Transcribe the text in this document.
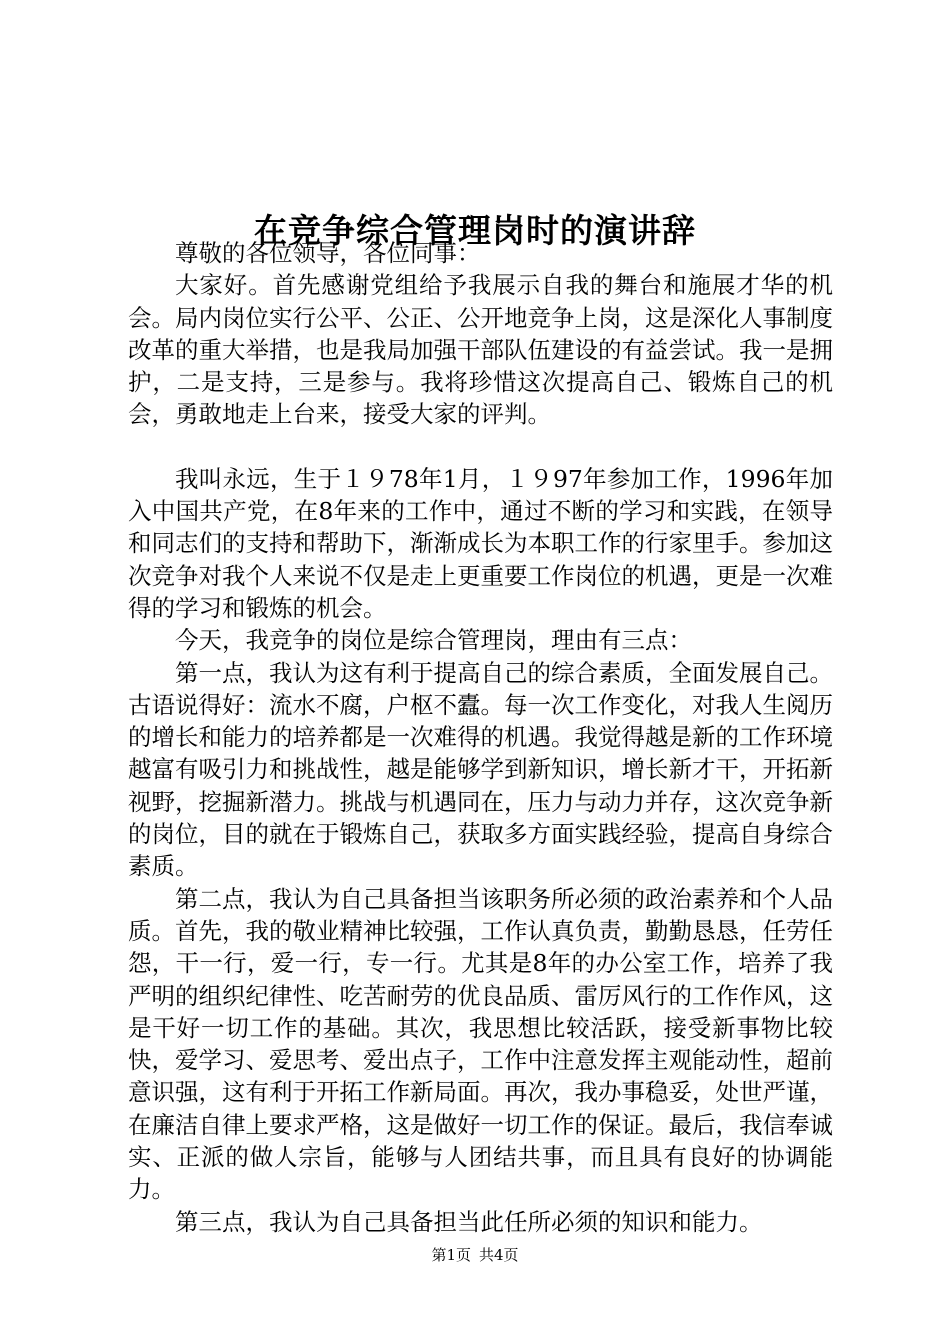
在竞争综合管理岗时的演讲辞

尊敬的各位领导，各位同事：

大家好。首先感谢党组给予我展示自我的舞台和施展才华的机会。局内岗位实行公平、公正、公开地竞争上岗，这是深化人事制度改革的重大举措，也是我局加强干部队伍建设的有益尝试。我一是拥护，二是支持，三是参与。我将珍惜这次提高自己、锻炼自己的机会，勇敢地走上台来，接受大家的评判。

我叫永远，生于１９78年1月，１９97年参加工作，1996年加入中国共产党，在8年来的工作中，通过不断的学习和实践，在领导和同志们的支持和帮助下，渐渐成长为本职工作的行家里手。参加这次竞争对我个人来说不仅是走上更重要工作岗位的机遇，更是一次难得的学习和锻炼的机会。

今天，我竞争的岗位是综合管理岗，理由有三点：

第一点，我认为这有利于提高自己的综合素质，全面发展自己。古语说得好：流水不腐，户枢不蠹。每一次工作变化，对我人生阅历的增长和能力的培养都是一次难得的机遇。我觉得越是新的工作环境越富有吸引力和挑战性，越是能够学到新知识，增长新才干，开拓新视野，挖掘新潜力。挑战与机遇同在，压力与动力并存，这次竞争新的岗位，目的就在于锻炼自己，获取多方面实践经验，提高自身综合素质。

第二点，我认为自己具备担当该职务所必须的政治素养和个人品质。首先，我的敬业精神比较强，工作认真负责，勤勤恳恳，任劳任怨，干一行，爱一行，专一行。尤其是8年的办公室工作，培养了我严明的组织纪律性、吃苦耐劳的优良品质、雷厉风行的工作作风，这是干好一切工作的基础。其次，我思想比较活跃，接受新事物比较快，爱学习、爱思考、爱出点子，工作中注意发挥主观能动性，超前意识强，这有利于开拓工作新局面。再次，我办事稳妥，处世严谨，在廉洁自律上要求严格，这是做好一切工作的保证。最后，我信奉诚实、正派的做人宗旨，能够与人团结共事，而且具有良好的协调能力。

第三点，我认为自己具备担当此任所必须的知识和能力。

第1页 共4页
